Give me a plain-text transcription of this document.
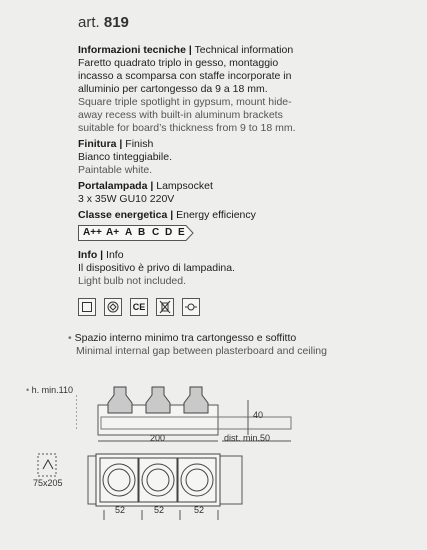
art. 819
Informazioni tecniche | Technical information
Faretto quadrato triplo in gesso, montaggio
incasso a scomparsa con staffe incorporate in
alluminio per cartongesso da 9 a 18 mm.
Square triple spotlight in gypsum, mount hide-
away recess with built-in aluminum brackets
suitable for board’s thickness from 9 to 18 mm.
Finitura | Finish
Bianco tinteggiabile.
Paintable white.
Portalampada | Lampsocket
3 x 35W GU10 220V
Classe energetica | Energy efficiency
A++ A+ A B C D E
Info | Info
Il dispositivo è privo di lampadina.
Light bulb not included.
CE
• Spazio interno minimo tra cartongesso e soffitto
Minimal internal gap between plasterboard and ceiling
• h. min.110
40
200	dist. min.50
75x205
52	52	52
